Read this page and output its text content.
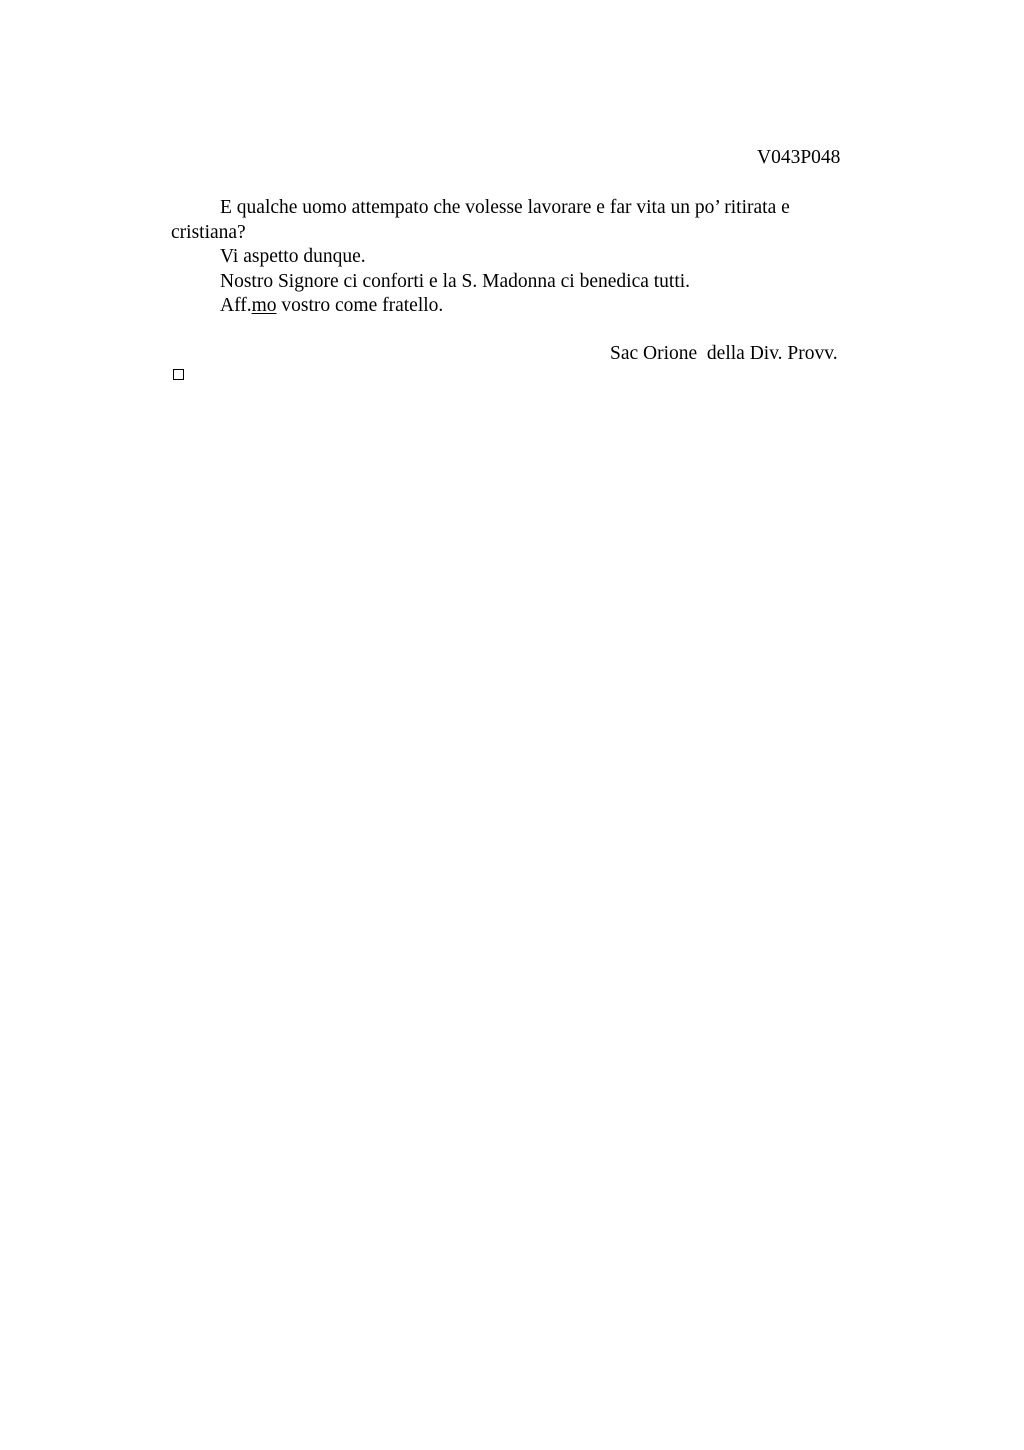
V043P048

E qualche uomo attempato che volesse lavorare e far vita un po’ ritirata e cristiana?

Vi aspetto dunque.

Nostro Signore ci conforti e la S. Madonna ci benedica tutti.

Aff.mo vostro come fratello.

Sac Orione  della Div. Provv.
